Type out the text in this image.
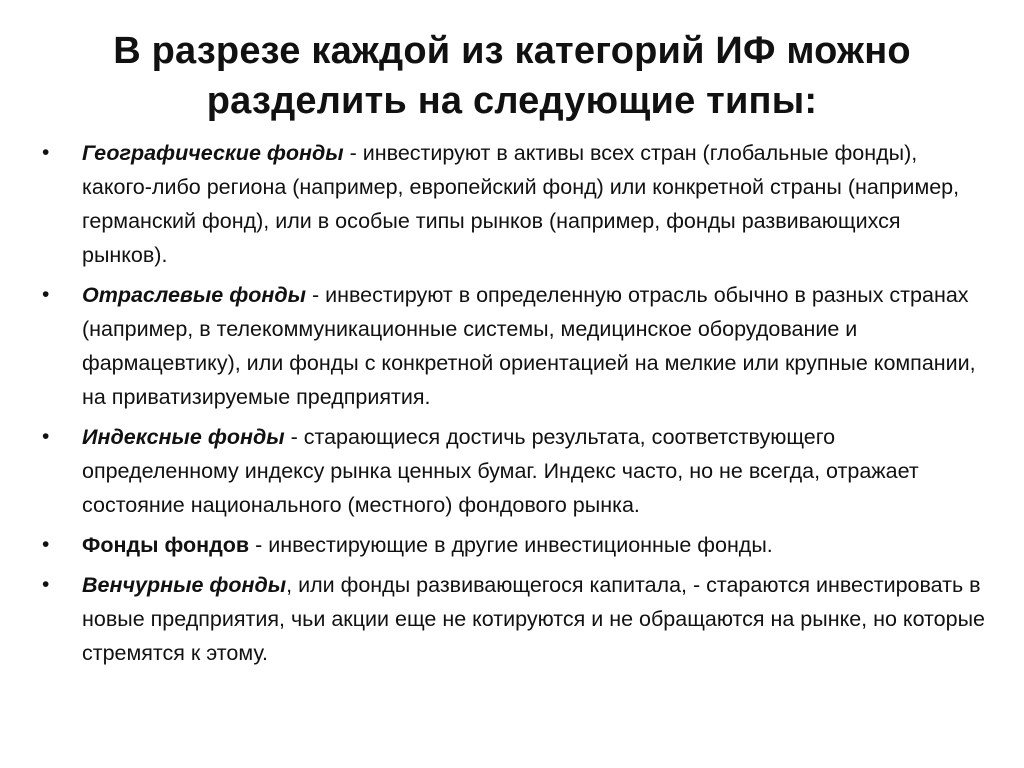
В разрезе каждой из категорий ИФ можно
разделить на следующие типы:
•	Географические фонды - инвестируют в активы всех стран (глобальные фонды), какого-либо региона (например, европейский фонд) или конкретной страны (например, германский фонд), или в особые типы рынков (например, фонды развивающихся рынков).
•	Отраслевые фонды - инвестируют в определенную отрасль обычно в разных странах (например, в телекоммуникационные системы, медицинское оборудование и фармацевтику), или фонды с конкретной ориентацией на мелкие или крупные компании, на приватизируемые предприятия.
•	Индексные фонды - старающиеся достичь результата, соответствующего определенному индексу рынка ценных бумаг. Индекс часто, но не всегда, отражает состояние национального (местного) фондового рынка.
•	Фонды фондов - инвестирующие в другие инвестиционные фонды.
•	Венчурные фонды, или фонды развивающегося капитала, - стараются инвестировать в новые предприятия, чьи акции еще не котируются и не обращаются на рынке, но которые стремятся к этому.
